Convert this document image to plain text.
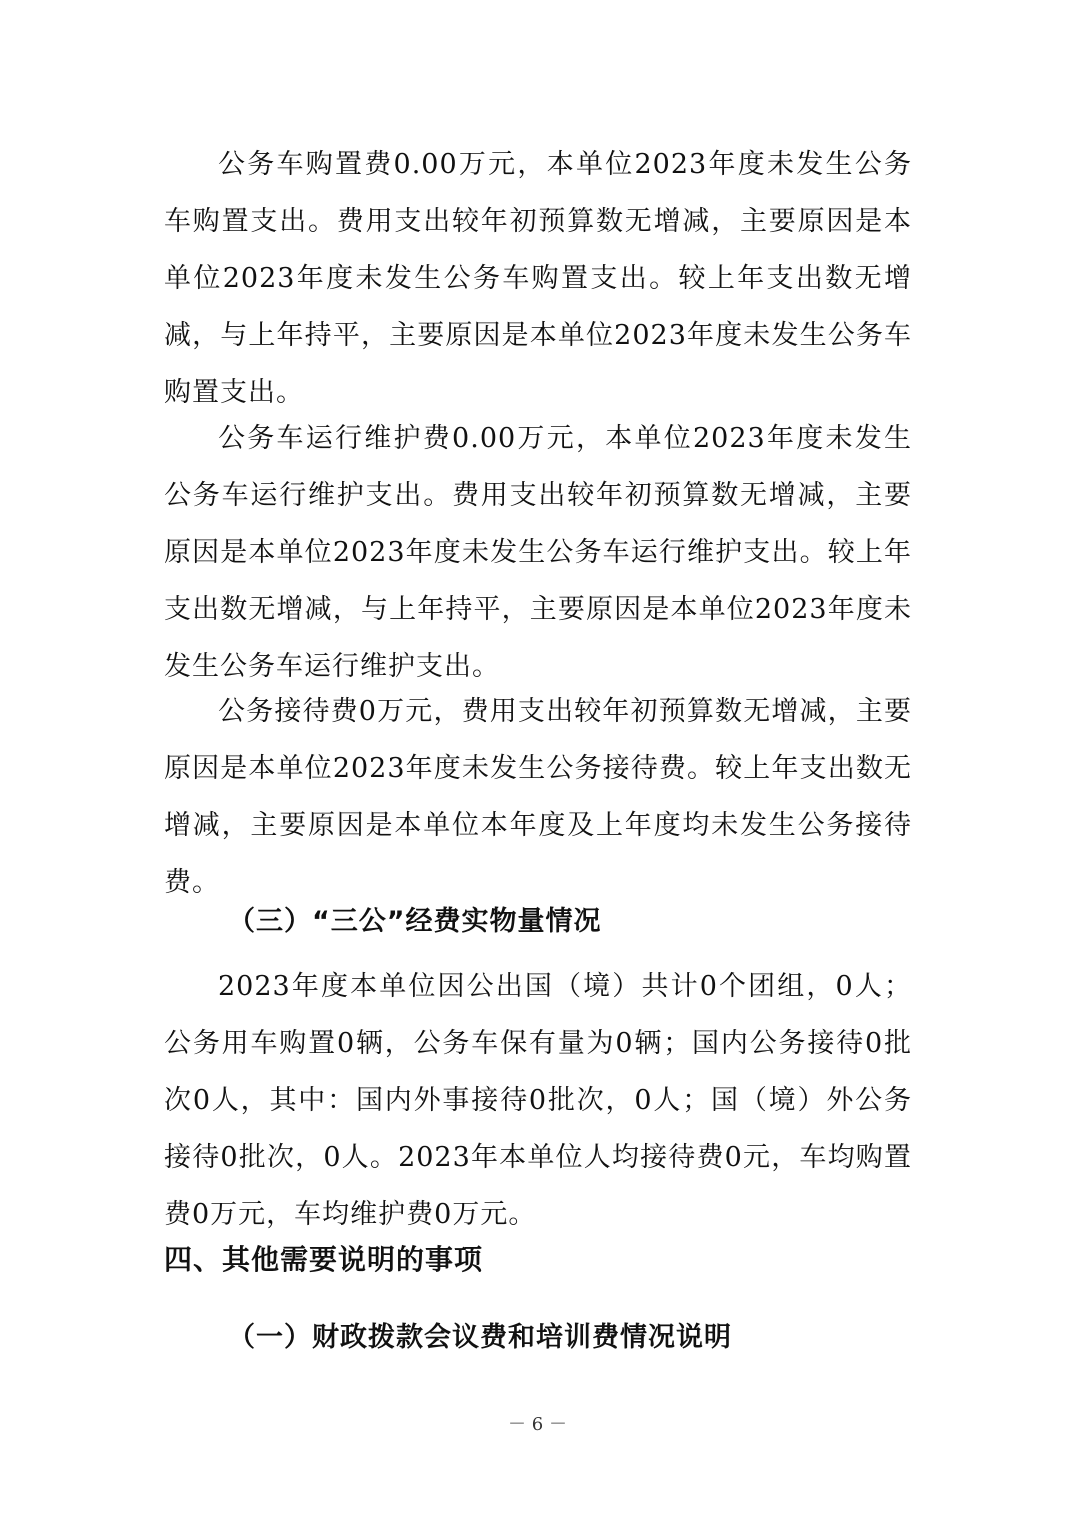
公务车购置费0.00万元，本单位2023年度未发生公务车购置支出。费用支出较年初预算数无增减，主要原因是本单位2023年度未发生公务车购置支出。较上年支出数无增减，与上年持平，主要原因是本单位2023年度未发生公务车购置支出。

公务车运行维护费0.00万元，本单位2023年度未发生公务车运行维护支出。费用支出较年初预算数无增减，主要原因是本单位2023年度未发生公务车运行维护支出。较上年支出数无增减，与上年持平，主要原因是本单位2023年度未发生公务车运行维护支出。

公务接待费0万元，费用支出较年初预算数无增减，主要原因是本单位2023年度未发生公务接待费。较上年支出数无增减，主要原因是本单位本年度及上年度均未发生公务接待费。

（三）“三公”经费实物量情况

2023年度本单位因公出国（境）共计0个团组，0人；公务用车购置0辆，公务车保有量为0辆；国内公务接待0批次0人，其中：国内外事接待0批次，0人；国（境）外公务接待0批次，0人。2023年本单位人均接待费0元，车均购置费0万元，车均维护费0万元。

四、其他需要说明的事项
（一）财政拨款会议费和培训费情况说明
－ 6 －
